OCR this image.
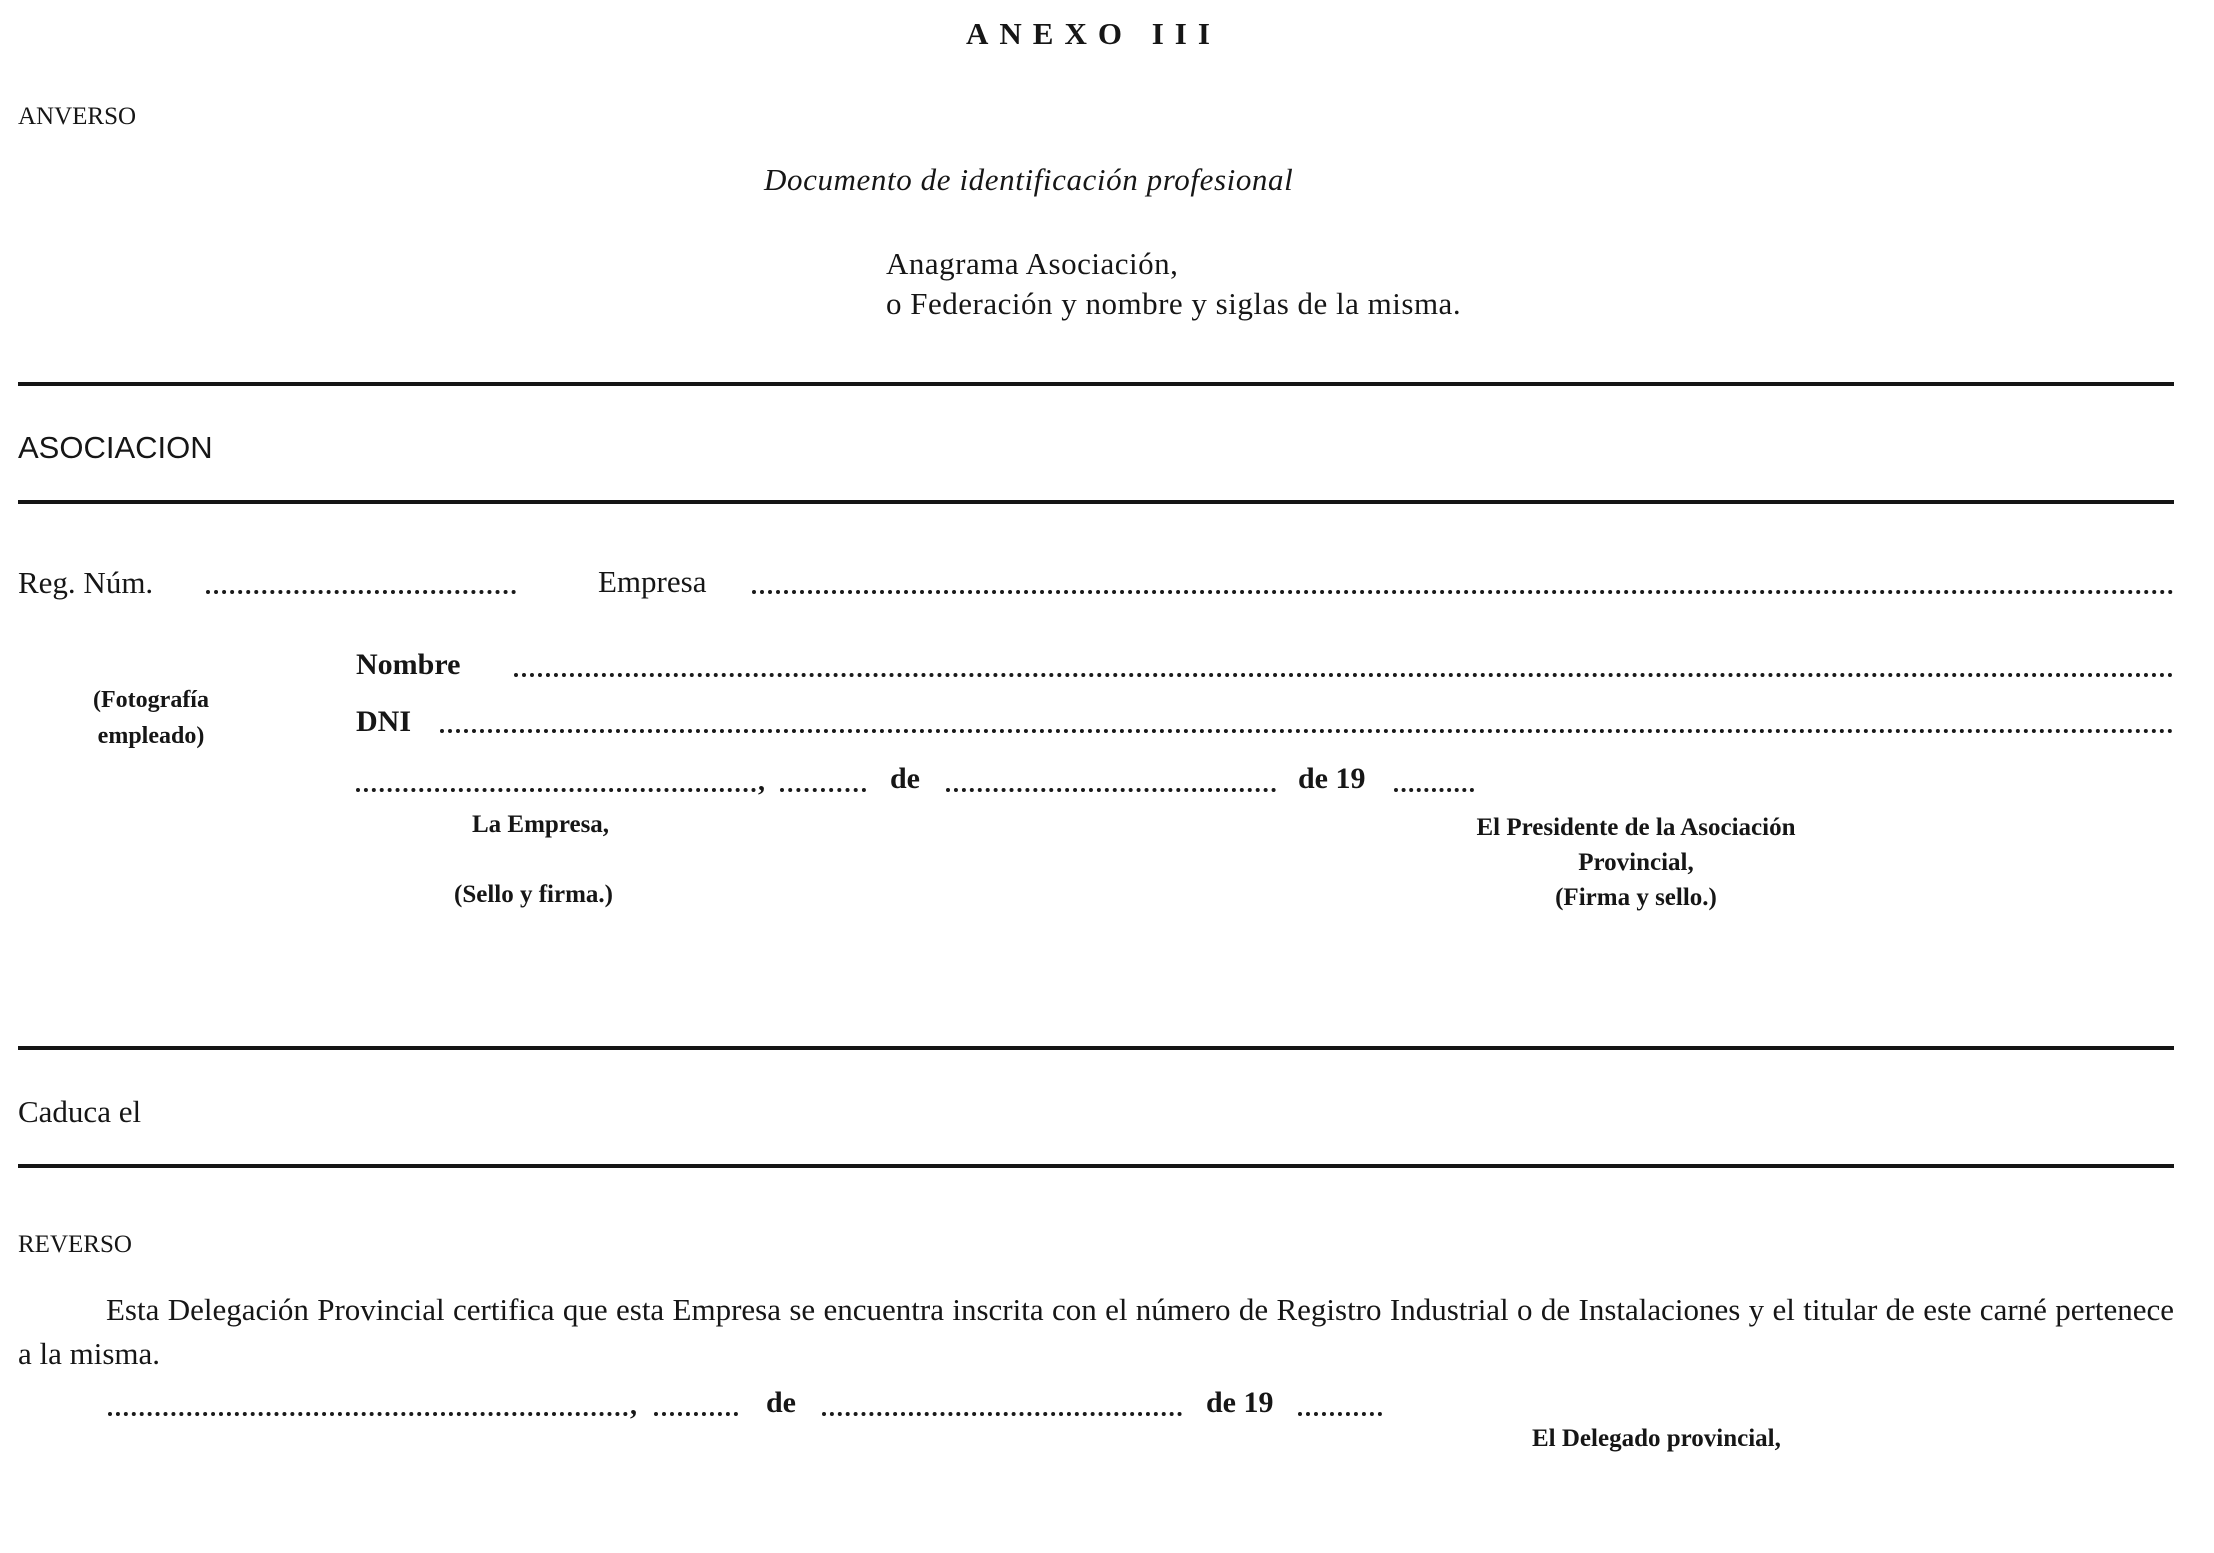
ANEXO III
ANVERSO
Documento de identificación profesional
Anagrama Asociación,
o Federación y nombre y siglas de la misma.
ASOCIACION
Reg. Núm.	Empresa
(Fotografía
empleado)
Nombre
DNI
,	de	de 19
La Empresa,
(Sello y firma.)
El Presidente de la Asociación
Provincial,
(Firma y sello.)
Caduca el
REVERSO
Esta Delegación Provincial certifica que esta Empresa se encuentra inscrita con el número de Registro Industrial o de Instalaciones y el titular de este carné pertenece a la misma.
,	de	de 19
El Delegado provincial,
